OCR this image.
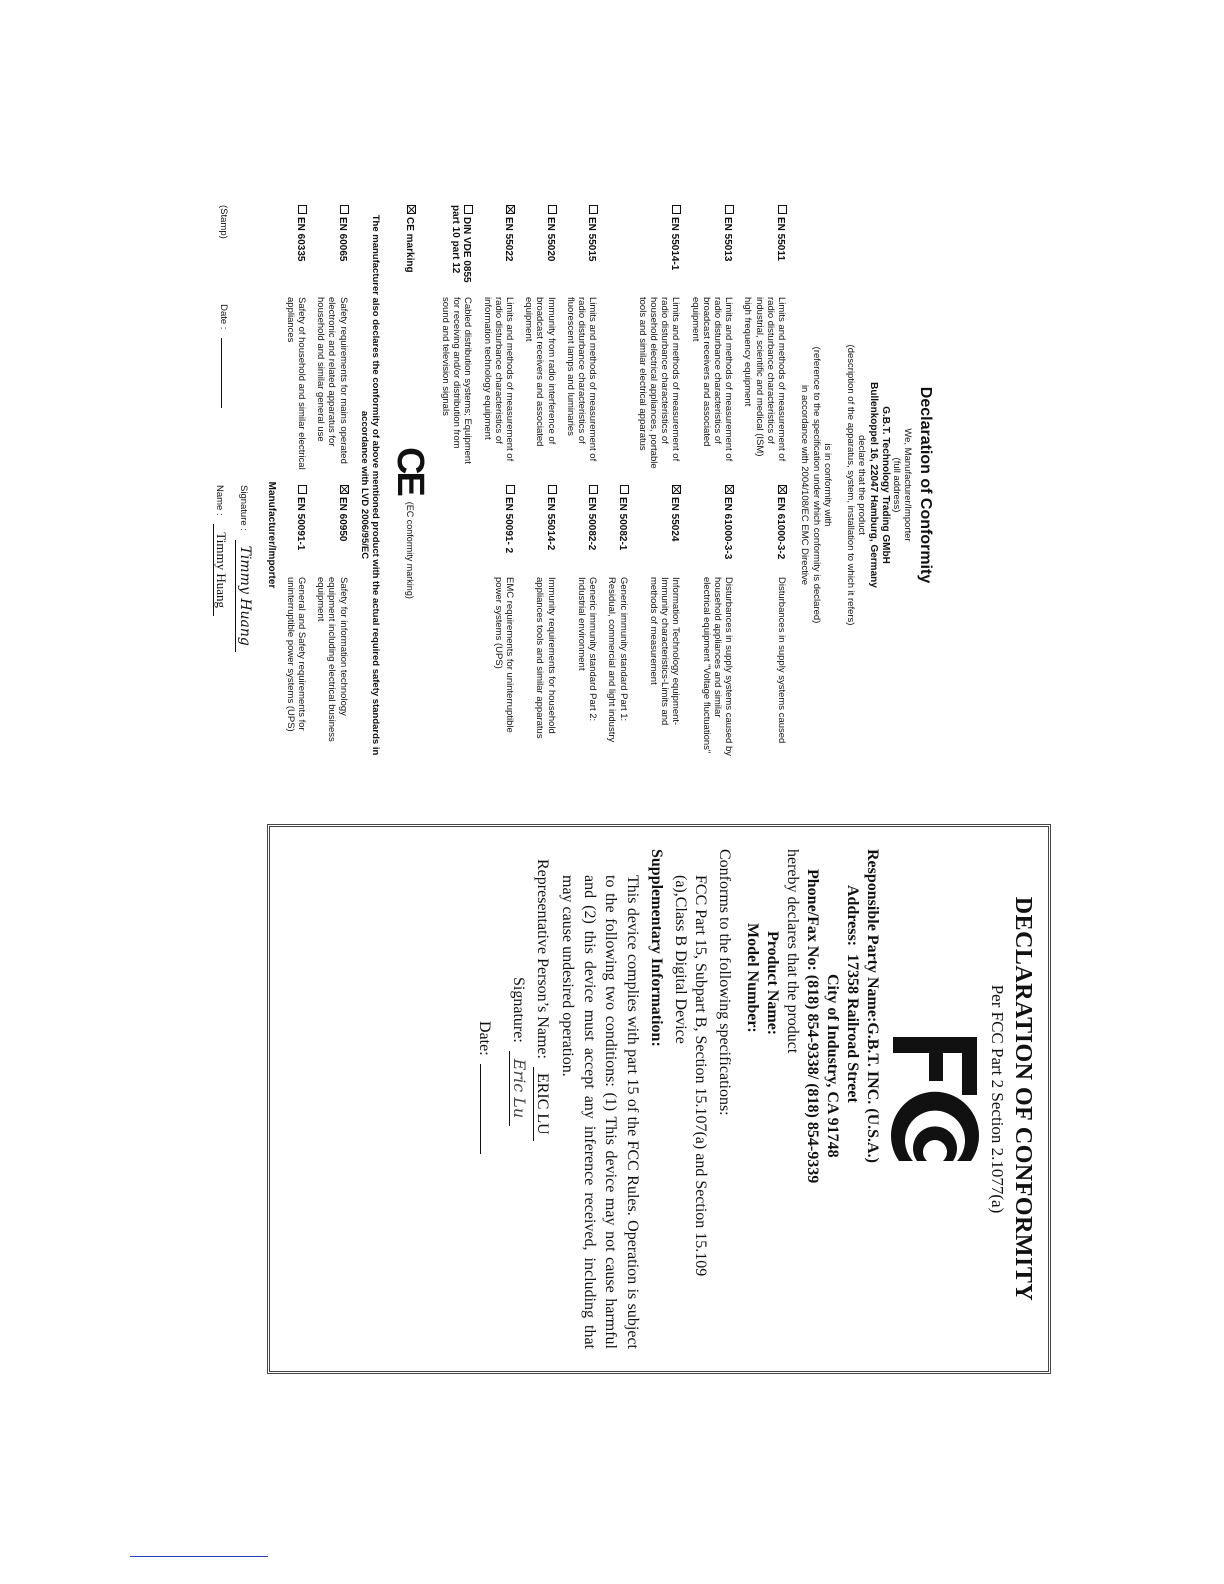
Declaration of Conformity
We, Manufacturer/Importer
(full address)
G.B.T. Technology Trading GMbH
Bullenkoppel 16, 22047 Hamburg, Germany
declare that the product
(description of the apparatus, system, installation to which it refers)
is in conformity with
(reference to the specification under which conformity is declared)
in accordance with 2004/108/EC EMC Directive
EN 55011
Limits and methods of measurement of radio disturbance characteristics of industrial, scientific and medical (ISM) high frequency equipment
EN 61000-3-2
Disturbances in supply systems caused
EN 55013
Limits and methods of measurement of radio disturbance characteristics of broadcast receivers and associated equipment
EN 61000-3-3
Disturbances in supply systems caused by household appliances and similar electrical equipment "Voltage fluctuations"
EN 55014-1
Limits and methods of measurement of radio disturbance characteristics of household electrical appliances, portable tools and similar electrical apparatus
EN 55024
Information Technology equipment-Immunity characteristics-Limits and methods of measurement
EN 50082-1
Generic immunity standard Part 1: Residual, commercial and light industry
EN 55015
Limits and methods of measurement of radio disturbance characteristics of fluorescent lamps and luminaries
EN 50082-2
Generic immunity standard Part 2: Industrial environment
EN 55020
Immunity from radio interference of broadcast receivers and associated equipment
EN 55014-2
Immunity requirements for household appliances tools and similar apparatus
EN 55022
Limits and methods of measurement of radio disturbance characteristics of information technology equipment
EN 50091- 2
EMC requirements for uninterruptible power systems (UPS)
DIN VDE 0855 part 10 part 12
Cabled distribution systems; Equipment for receiving and/or distribution from sound and television signals
CE marking
CE
(EC conformity marking)
The manufacturer also declares the conformity of above mentioned product with the actual required safety standards in accordance with LVD 2006/95/EC
EN 60065
Safety requirements for mains operated electronic and related apparatus for household and similar general use
EN 60950
Safety for information technology equipment including electrical business equipment
EN 60335
Safety of household and similar electrical appliances
EN 50091-1
General and Safety requirements for uninterruptible power systems (UPS)
Manufacturer/Importer
Signature : Timmy Huang
(Stamp)  Date :
Name : Timmy Huang
DECLARATION OF CONFORMITY
Per FCC Part 2 Section 2.1077(a)
Responsible Party Name:G.B.T. INC. (U.S.A.)
Address:  17358 Railroad Street
City of Industry, CA 91748
Phone/Fax No: (818) 854-9338/ (818) 854-9339
hereby declares that the product
Product Name:
Model Number:
Conforms to the following specifications:
FCC Part 15, Subpart B, Section 15.107(a) and Section 15.109
(a),Class B Digital Device
Supplementary Information:
This device complies with part 15 of the FCC Rules. Operation is subject to the following two conditions: (1) This device may not cause harmful and (2) this device must accept any inference received, including that may cause undesired operation.
Representative Person’s Name:  ERIC LU
Signature:  Eric Lu
Date:
